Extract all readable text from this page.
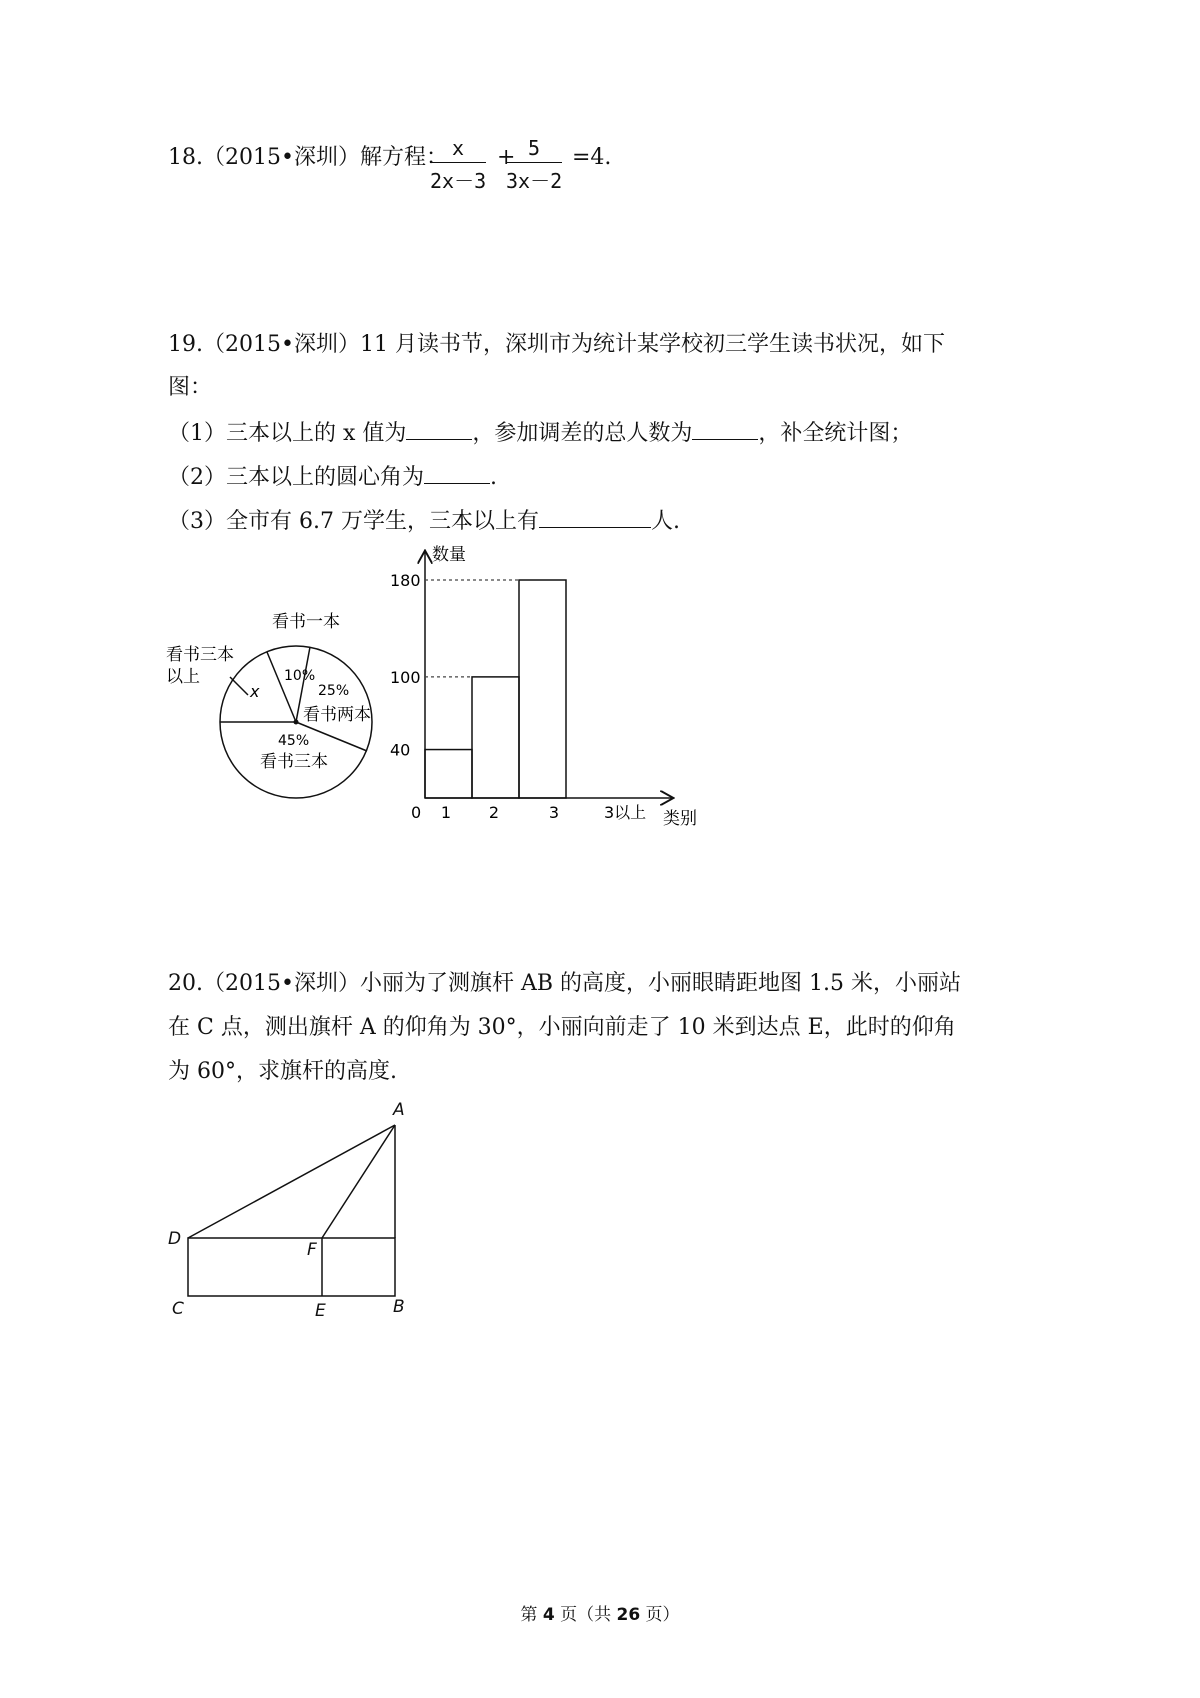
18.（2015•深圳）解方程：
$\frac{x}{2x-3}$ +
$\frac{5}{3x-2} =4$.
19.（2015•深圳）11 月读书节，深圳市为统计某学校初三学生读书状况，如下
图：
（1）三本以上的 x 值为	，参加调差的总人数为	，补全统计图；
（2）三本以上的圆心角为	.
（3）全市有 6.7 万学生，三本以上有	人.
看书一本
10%
25%
看书两本
45%
看书三本
看书三本
以上
x
数量
类别
180
100
40
0 1 2	3	3以上
20.（2015•深圳）小丽为了测旗杆 AB 的高度，小丽眼睛距地图 1.5 米，小丽站
在 C 点，测出旗杆 A 的仰角为 30°，小丽向前走了 10 米到达点 E，此时的仰角
为 60°，求旗杆的高度.
A
D
F
C	E	B
第 4 页（共 26 页）
